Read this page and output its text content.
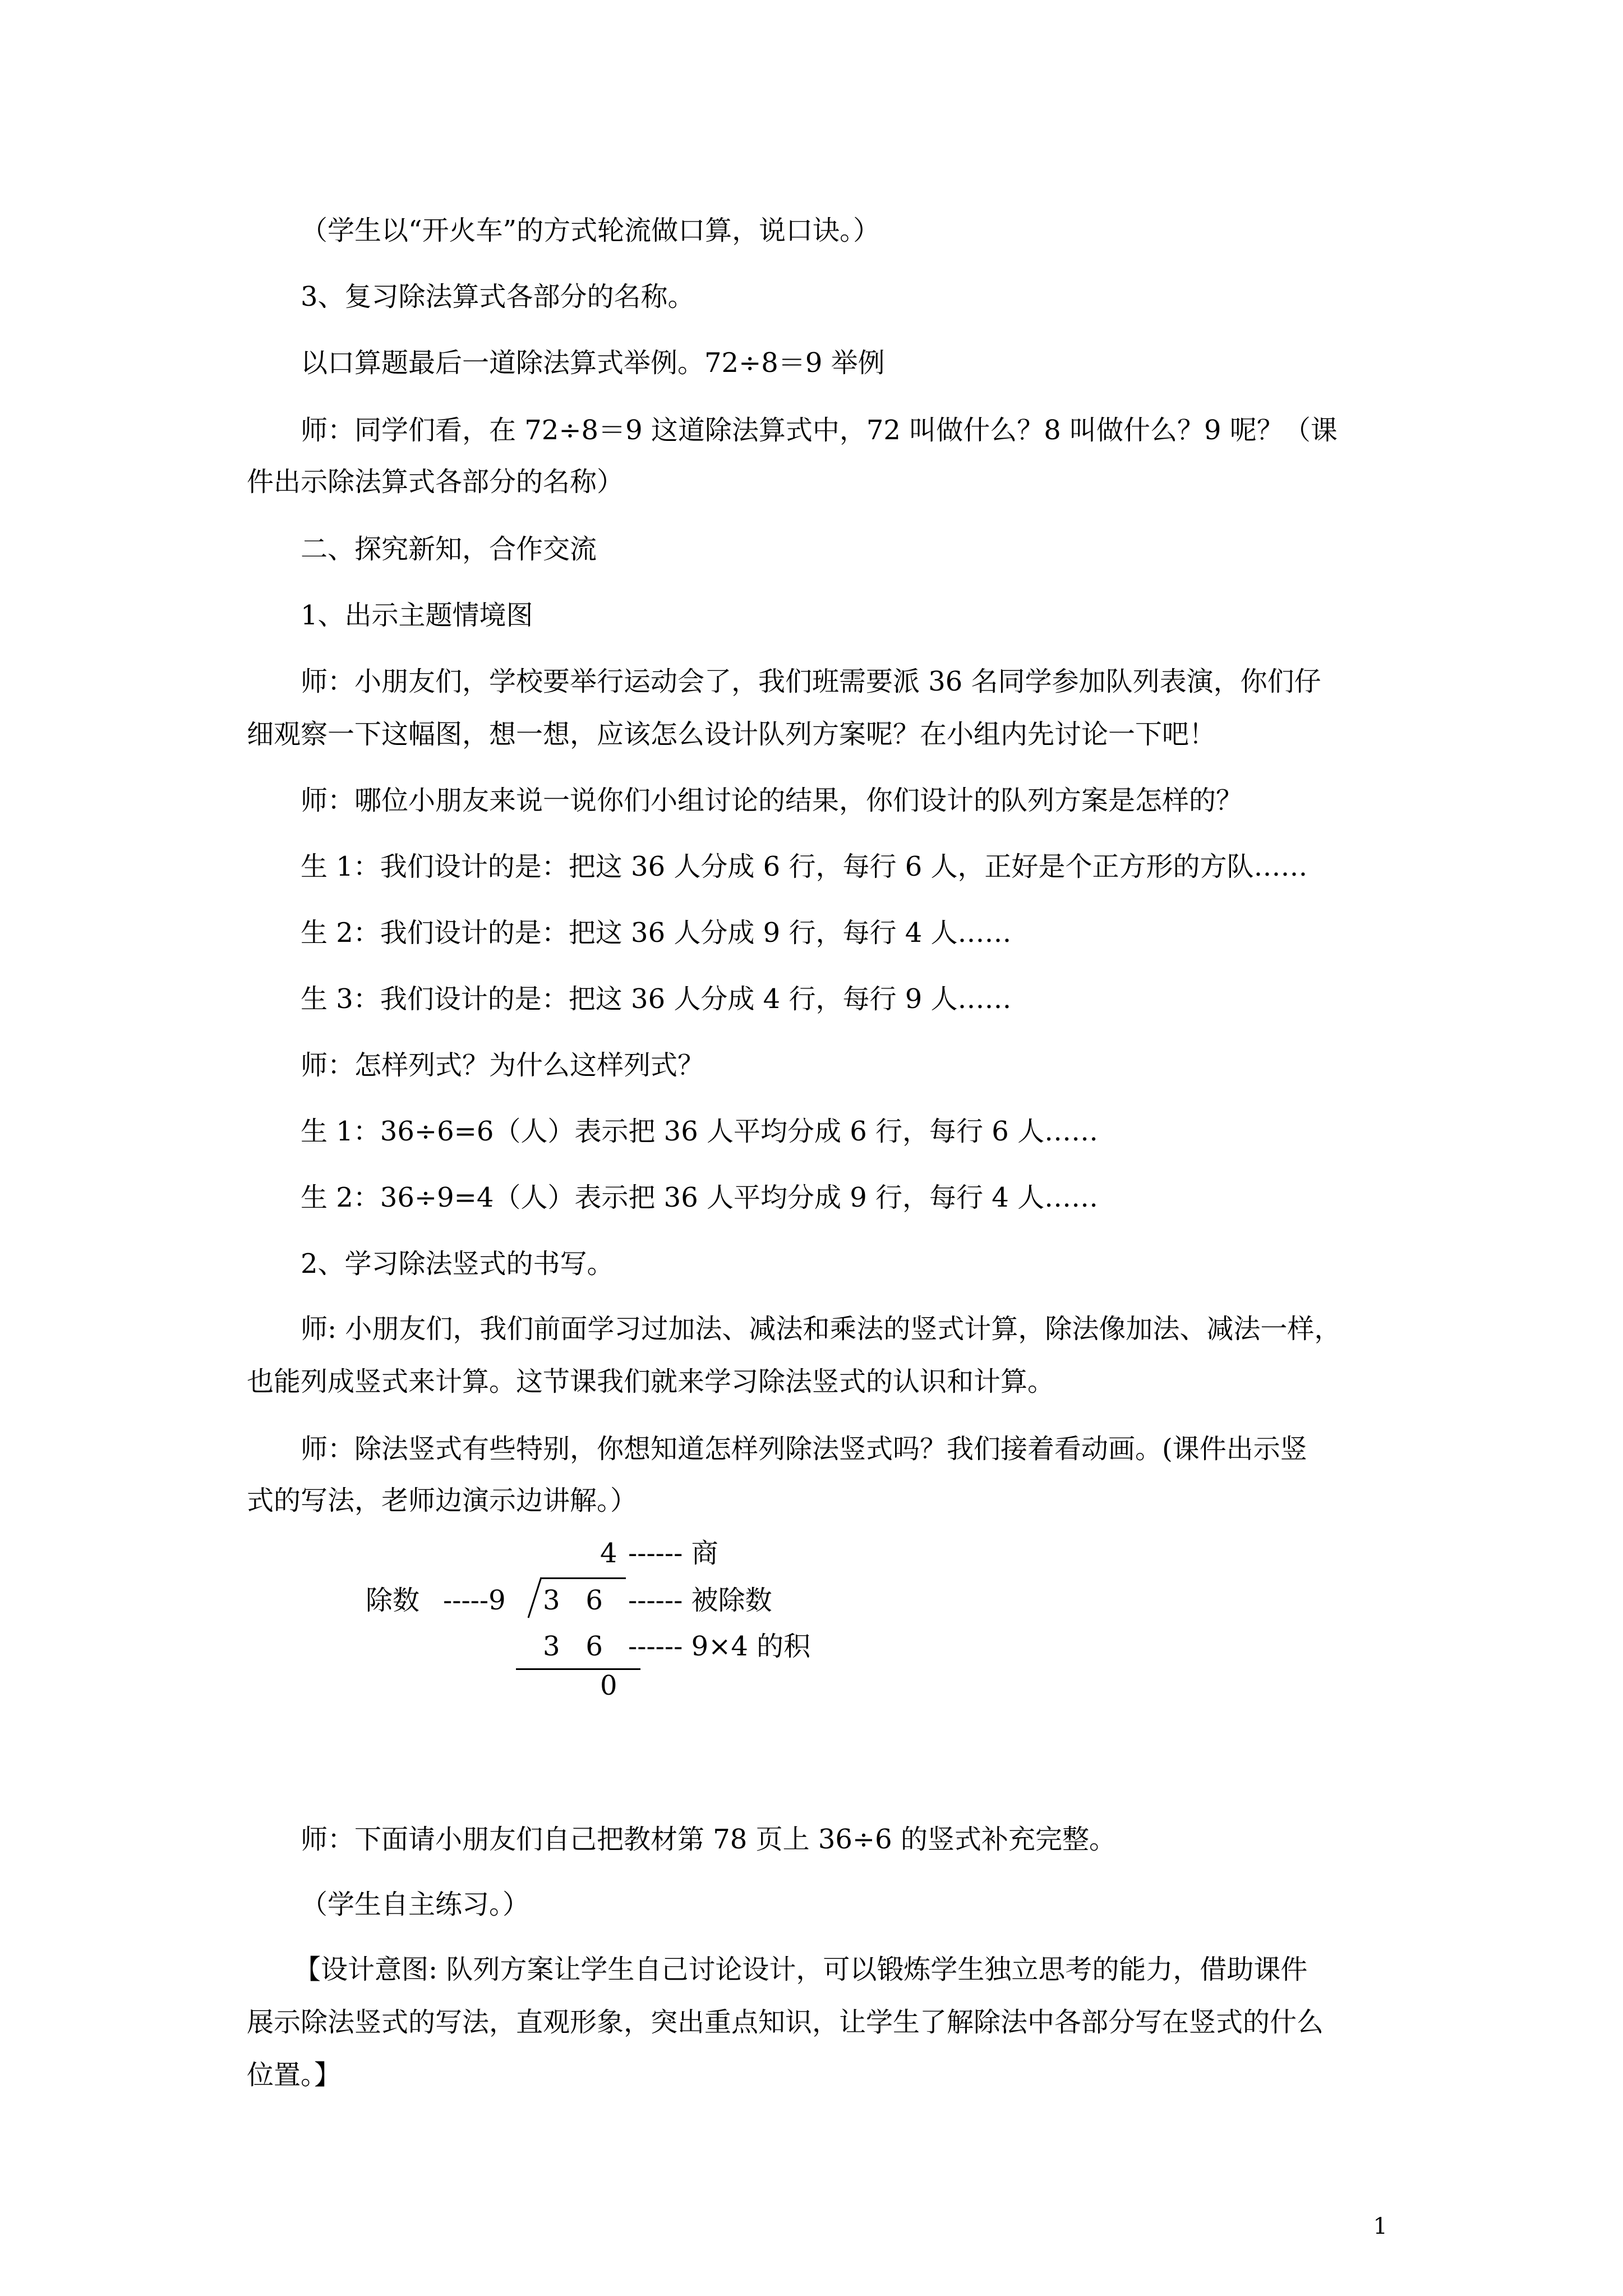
（学生以“开火车”的方式轮流做口算，说口诀。）
3、复习除法算式各部分的名称。
以口算题最后一道除法算式举例。72÷8＝9 举例
师：同学们看，在 72÷8＝9 这道除法算式中，72 叫做什么？8 叫做什么？9 呢？（课
件出示除法算式各部分的名称）
二、探究新知，合作交流
1、出示主题情境图
师：小朋友们，学校要举行运动会了，我们班需要派 36 名同学参加队列表演，你们仔
细观察一下这幅图，想一想，应该怎么设计队列方案呢？在小组内先讨论一下吧！
师：哪位小朋友来说一说你们小组讨论的结果，你们设计的队列方案是怎样的？
生 1：我们设计的是：把这 36 人分成 6 行，每行 6 人，正好是个正方形的方队……
生 2：我们设计的是：把这 36 人分成 9 行，每行 4 人……
生 3：我们设计的是：把这 36 人分成 4 行，每行 9 人……
师：怎样列式？为什么这样列式？
生 1：36÷6=6（人）表示把 36 人平均分成 6 行，每行 6 人……
生 2：36÷9=4（人）表示把 36 人平均分成 9 行，每行 4 人……
2、学习除法竖式的书写。
师: 小朋友们，我们前面学习过加法、减法和乘法的竖式计算，除法像加法、减法一样，
也能列成竖式来计算。这节课我们就来学习除法竖式的认识和计算。
师：除法竖式有些特别，你想知道怎样列除法竖式吗？我们接着看动画。(课件出示竖
式的写法，老师边演示边讲解。）
4 ------ 商
除数 -----9 3   6 ------ 被除数
3   6 ------ 9×4 的积
0
师：下面请小朋友们自己把教材第 78 页上 36÷6 的竖式补充完整。
（学生自主练习。）
【设计意图: 队列方案让学生自己讨论设计，可以锻炼学生独立思考的能力，借助课件
展示除法竖式的写法，直观形象，突出重点知识，让学生了解除法中各部分写在竖式的什么
位置。】
1
